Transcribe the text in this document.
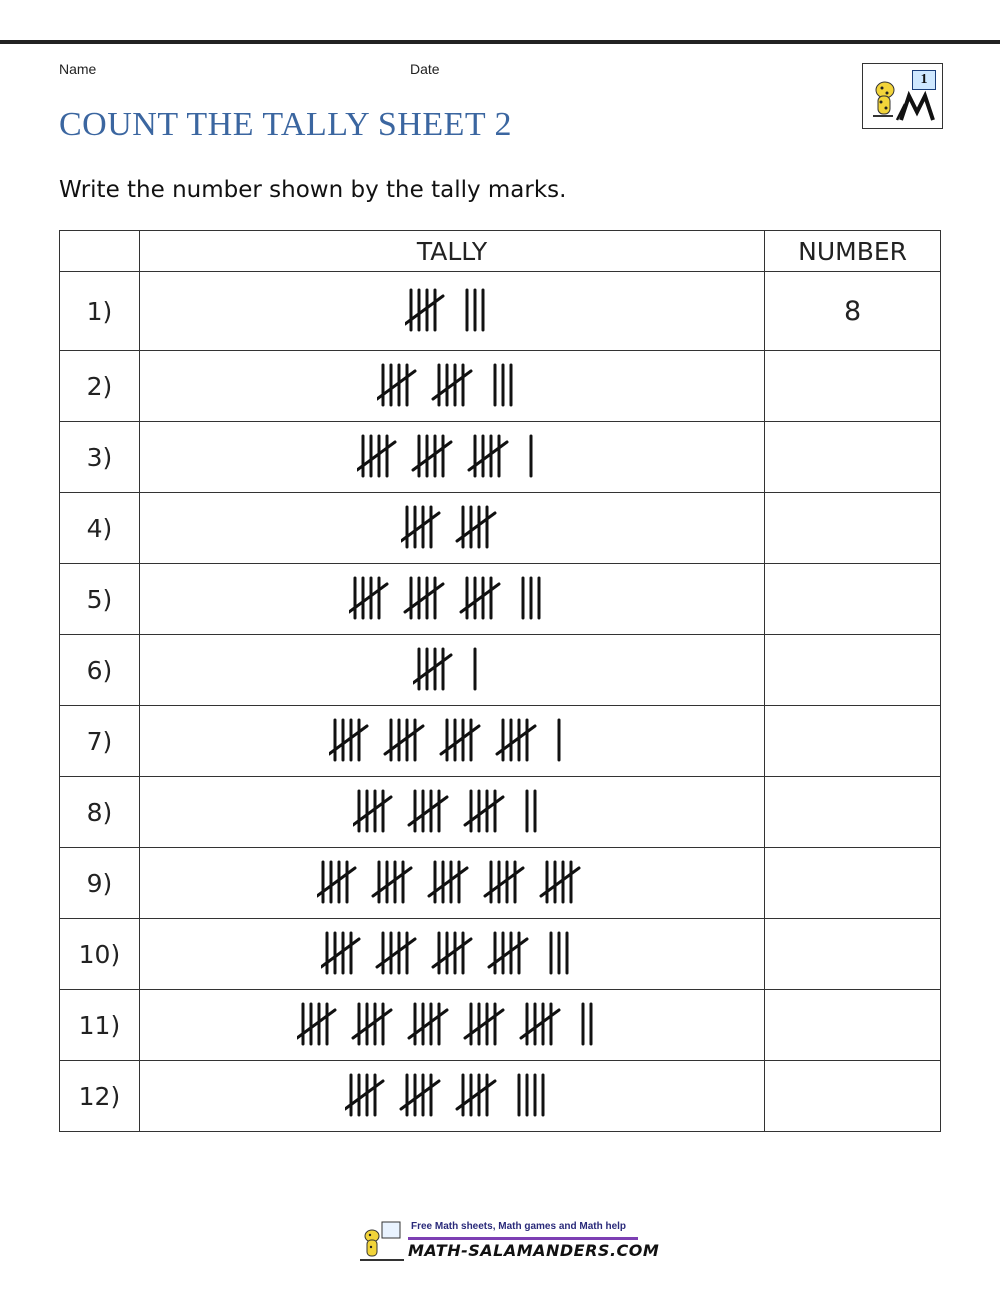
Name	Date
1
COUNT THE TALLY SHEET 2
Write the number shown by the tally marks.
	TALLY	NUMBER
1)		8
2)	

3)	

4)	

5)	

6)	

7)	

8)	

9)	

10)	

11)	

12)	

Free Math sheets, Math games and Math help
MATH-SALAMANDERS.COM
